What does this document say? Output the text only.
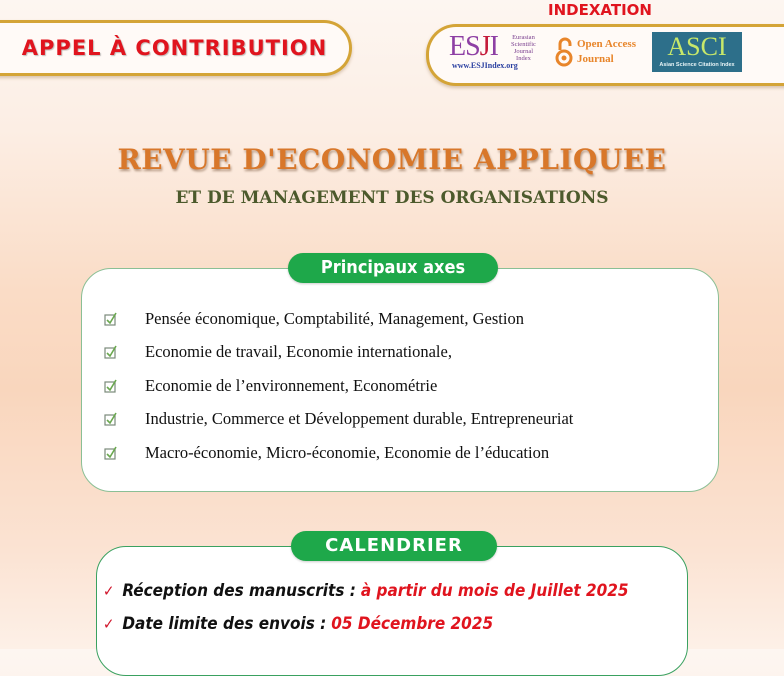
APPEL À CONTRIBUTION
INDEXATION
ESJI
www.ESJIndex.org
Eurasian
Scientific
Journal
Index
Open Access
Journal	ASCI
Asian Science Citation Index
REVUE D'ECONOMIE APPLIQUEE
ET DE MANAGEMENT DES ORGANISATIONS
Principaux axes
Pensée économique, Comptabilité, Management, Gestion
Economie de travail, Economie internationale,
Economie de l’environnement, Econométrie
Industrie, Commerce et Développement durable, Entrepreneuriat
Macro-économie, Micro-économie, Economie de l’éducation
CALENDRIER
✓ Réception des manuscrits : à partir du mois de Juillet 2025
✓ Date limite des envois : 05 Décembre 2025
